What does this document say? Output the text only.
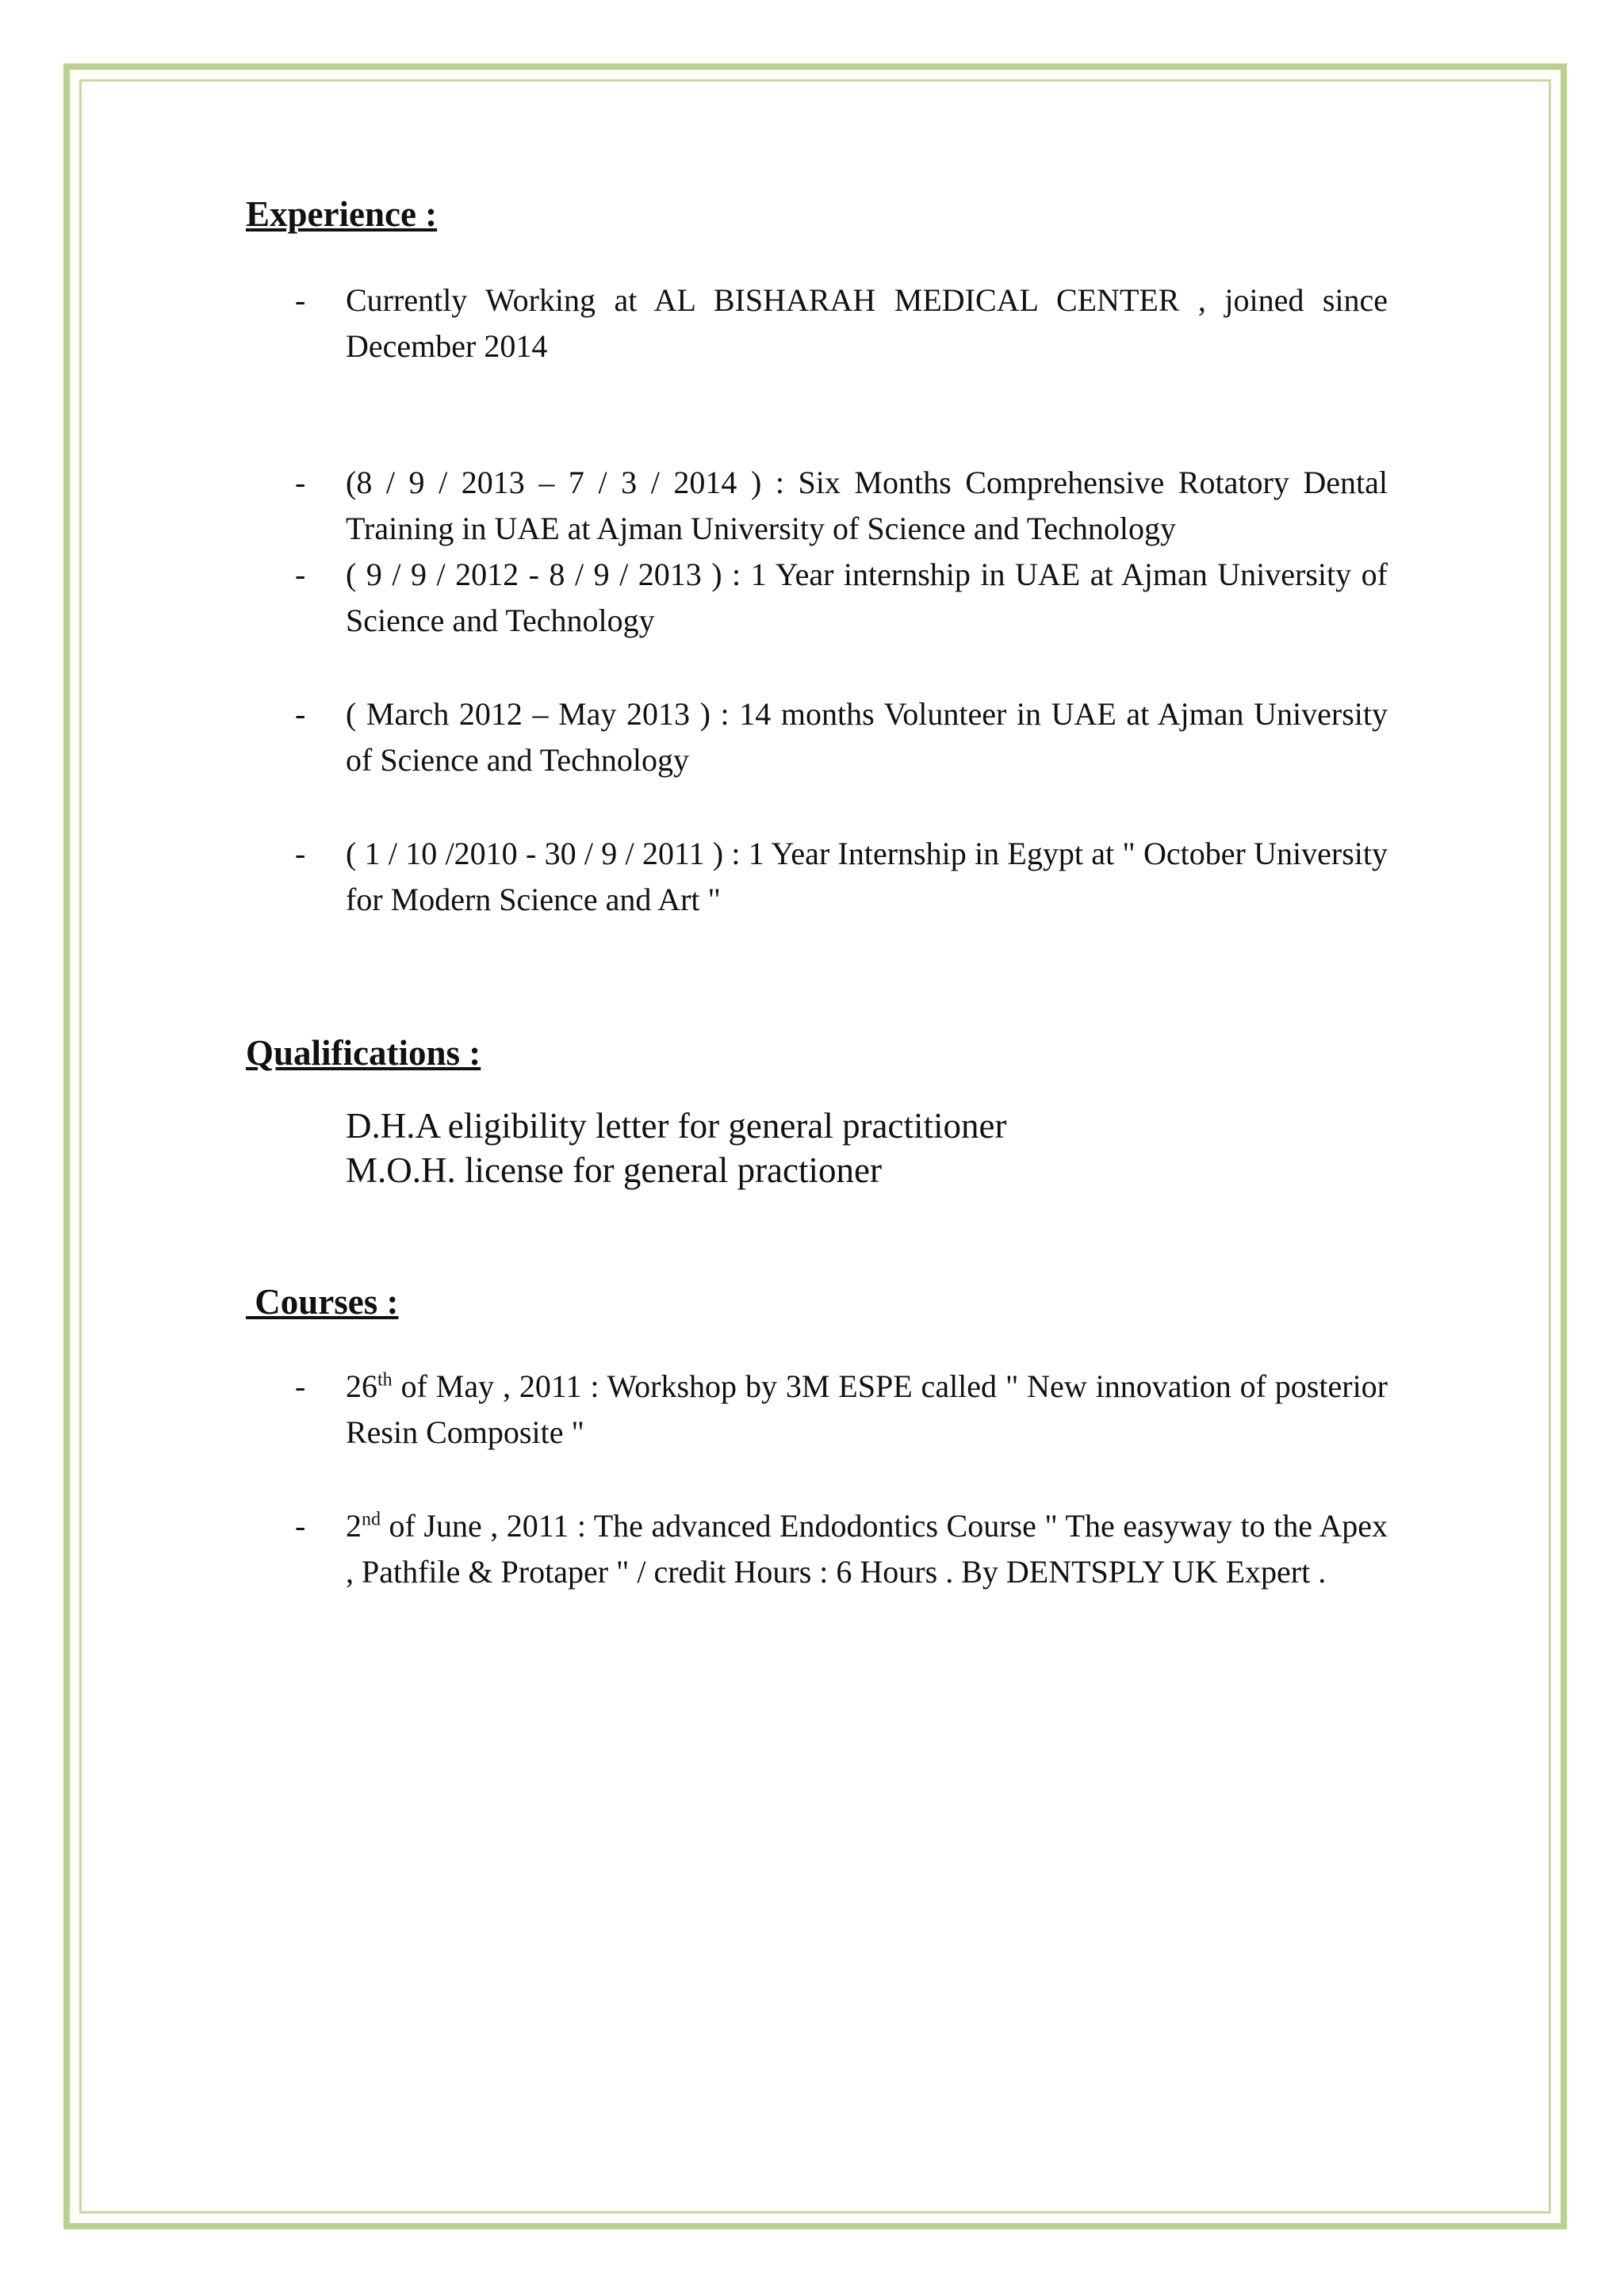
Experience :
- Currently Working at AL BISHARAH MEDICAL CENTER , joined since December 2014
- (8 / 9 / 2013 – 7 / 3 / 2014 ) : Six Months Comprehensive Rotatory Dental Training in UAE at Ajman University of Science and Technology
- ( 9 / 9 / 2012 - 8 / 9 / 2013 ) : 1 Year internship in UAE at Ajman University of Science and Technology
- ( March 2012 – May 2013 ) : 14 months Volunteer in UAE at Ajman University of Science and Technology
- ( 1 / 10 /2010 - 30 / 9 / 2011 ) : 1 Year Internship in Egypt at " October University for Modern Science and Art "
Qualifications :
D.H.A eligibility letter for general practitioner
M.O.H. license for general practioner
Courses :
- 26th of May , 2011 : Workshop by 3M ESPE called " New innovation of posterior Resin Composite "
- 2nd of June , 2011 : The advanced Endodontics Course " The easyway to the Apex , Pathfile & Protaper " / credit Hours : 6 Hours . By DENTSPLY UK Expert .
